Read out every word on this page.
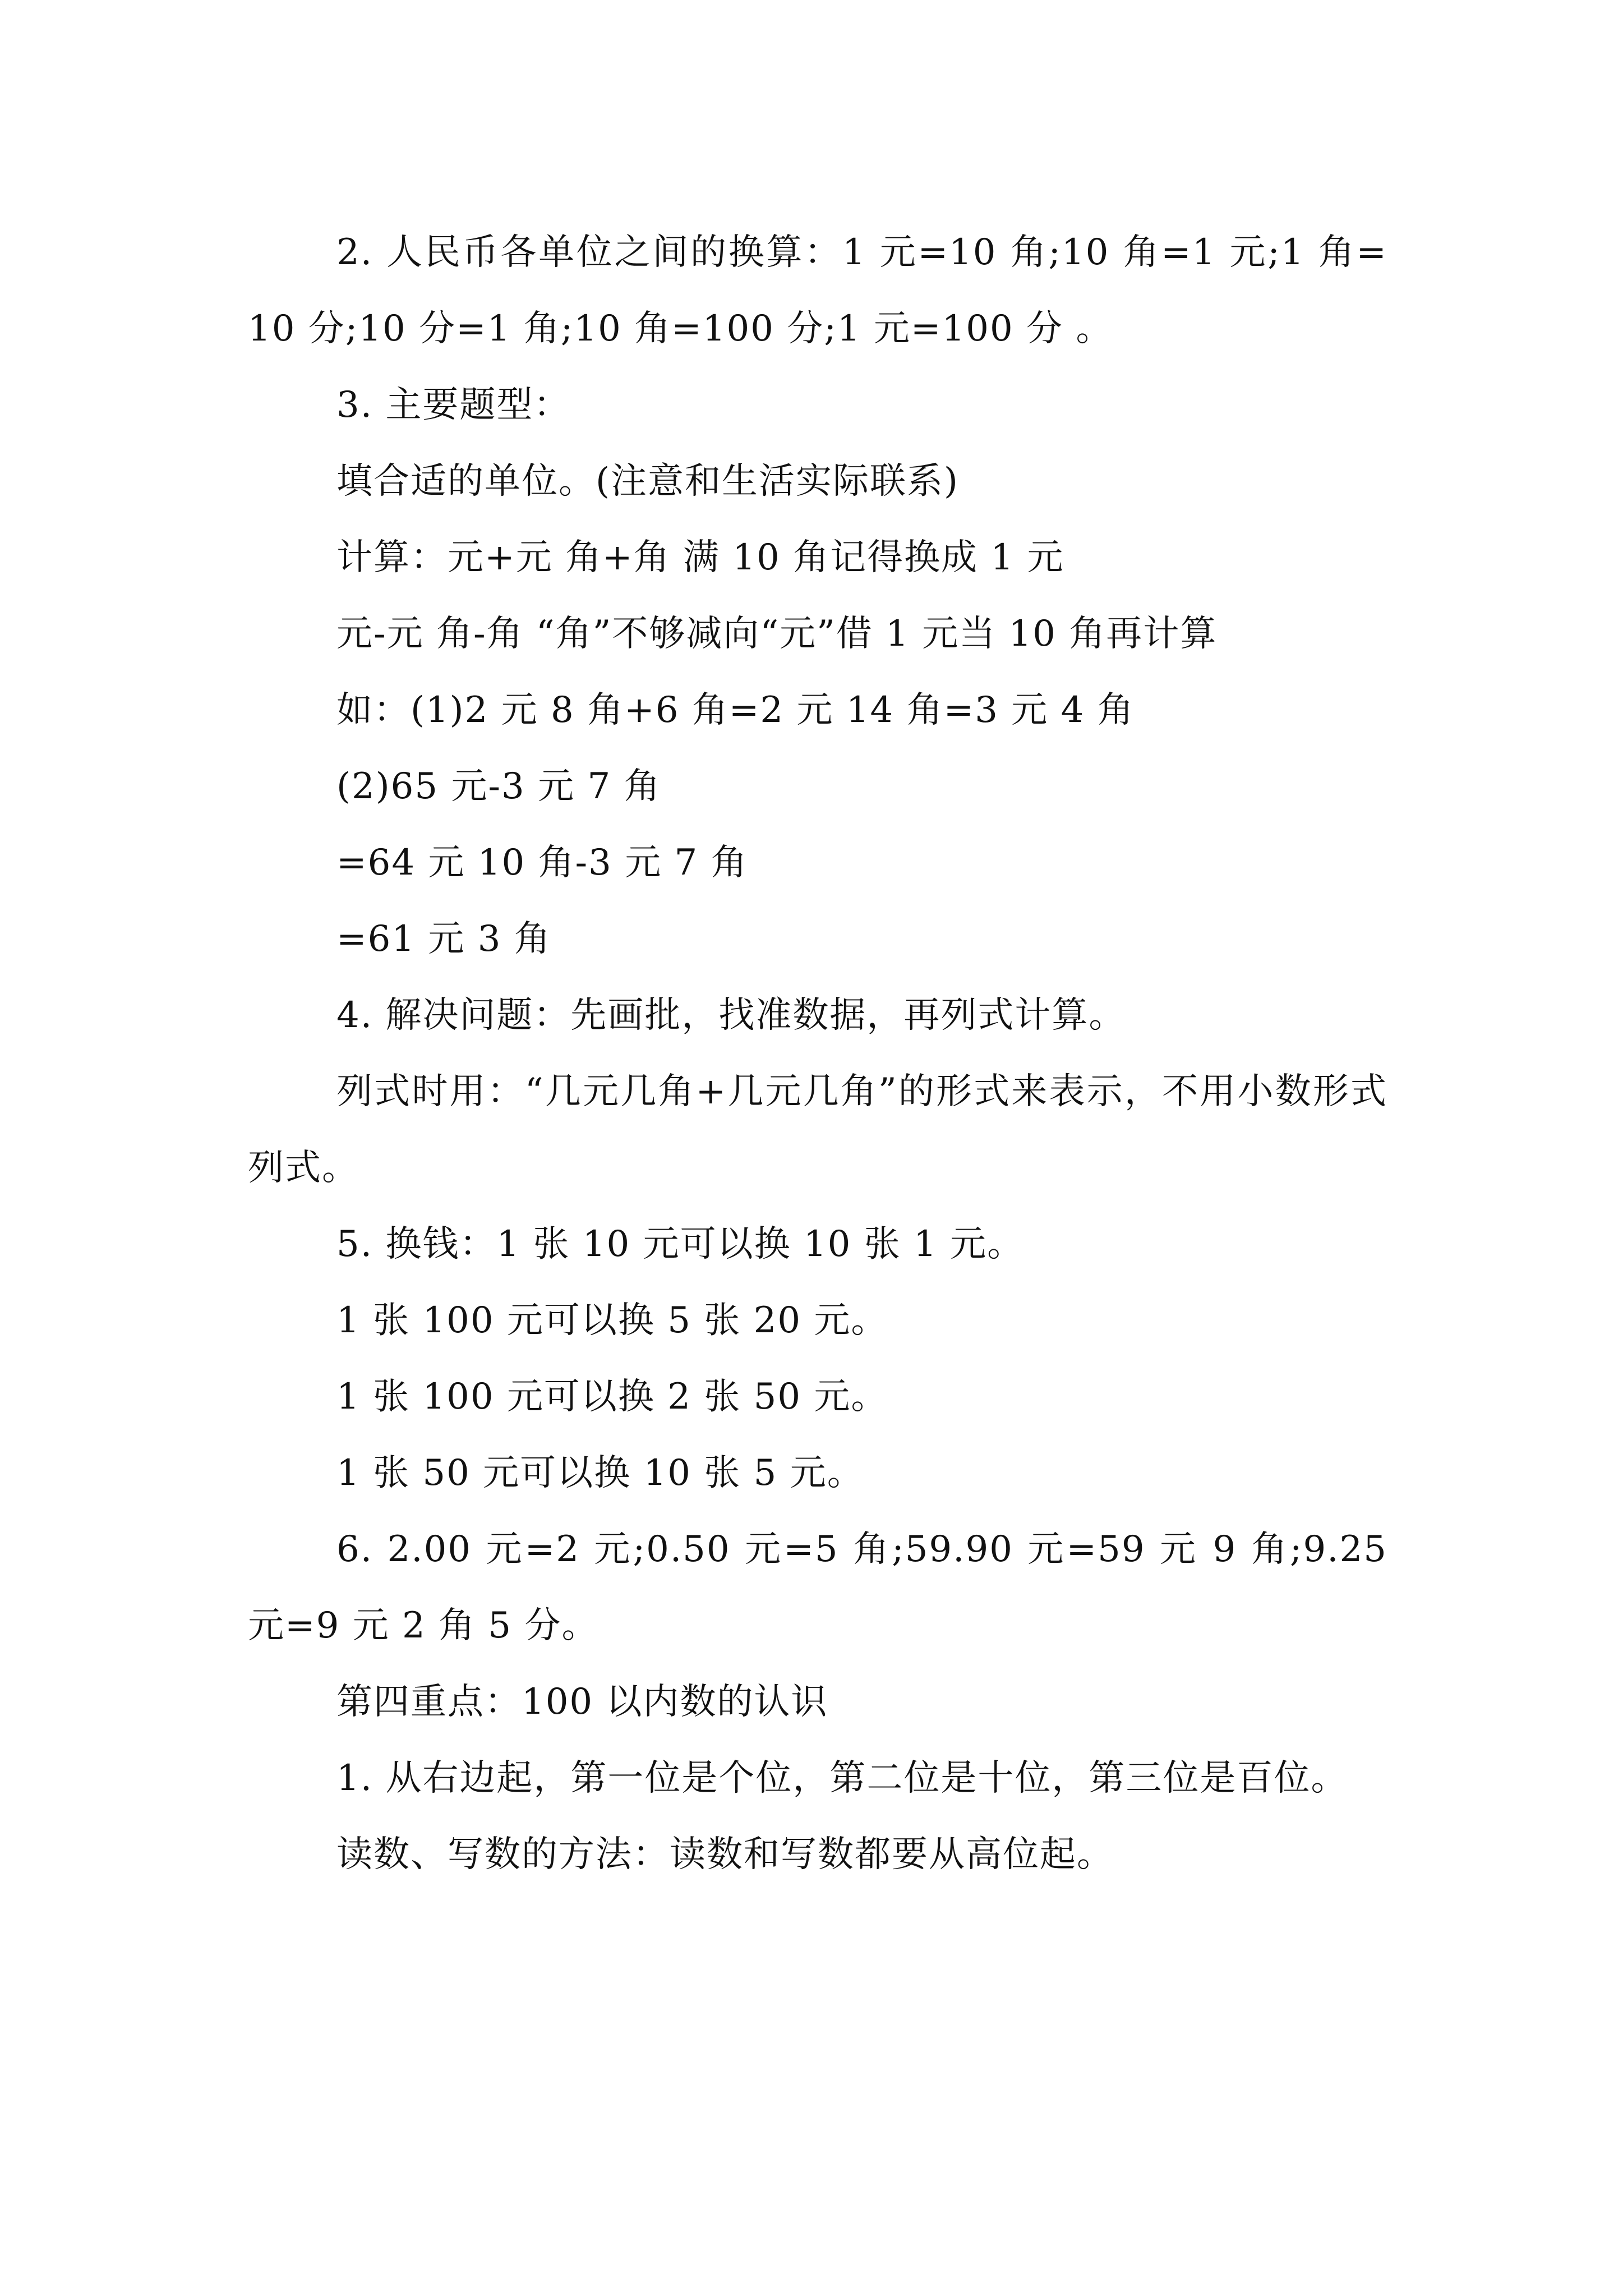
2. 人民币各单位之间的换算：1 元=10 角;10 角=1 元;1 角=10 分;10 分=1 角;10 角=100 分;1 元=100 分 。

3. 主要题型：

填合适的单位。(注意和生活实际联系)

计算：元+元 角+角 满 10 角记得换成 1 元

元-元 角-角 “角”不够减向“元”借 1 元当 10 角再计算

如：(1)2 元 8 角+6 角=2 元 14 角=3 元 4 角

(2)65 元-3 元 7 角

=64 元 10 角-3 元 7 角

=61 元 3 角

4. 解决问题：先画批，找准数据，再列式计算。

列式时用：“几元几角+几元几角”的形式来表示，不用小数形式列式。

5. 换钱：1 张 10 元可以换 10 张 1 元。

1 张 100 元可以换 5 张 20 元。

1 张 100 元可以换 2 张 50 元。

1 张 50 元可以换 10 张 5 元。

6. 2.00 元=2 元;0.50 元=5 角;59.90 元=59 元 9 角;9.25 元=9 元 2 角 5 分。

第四重点：100 以内数的认识

1. 从右边起，第一位是个位，第二位是十位，第三位是百位。

读数、写数的方法：读数和写数都要从高位起。
